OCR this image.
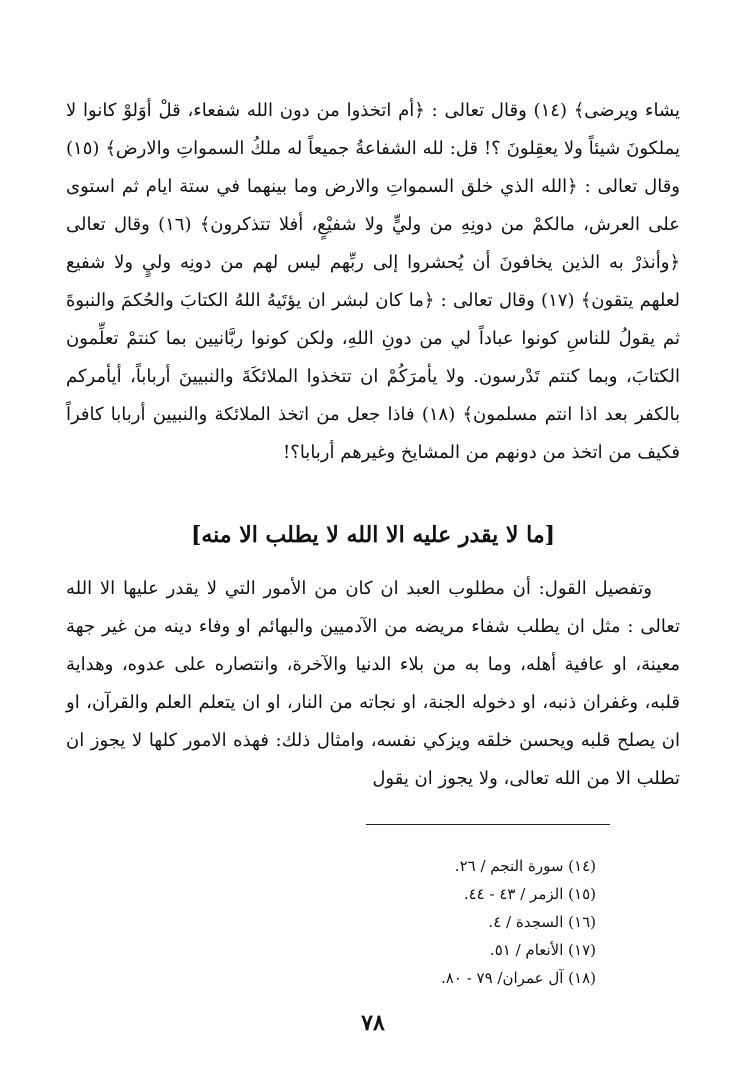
يشاء ويرضى﴾ (١٤) وقال تعالى : ﴿أم اتخذوا من دون الله شفعاء، قلْ أوَلوْ كانوا لا يملكونَ شيئاً ولا يعقِلونَ ؟! قل: لله الشفاعةُ جميعاً له ملكُ السمواتِ والارض﴾ (١٥) وقال تعالى : ﴿الله الذي خلق السمواتِ والارض وما بينهما في ستة ايام ثم استوى على العرش، مالكمْ من دونِهِ من وليٍّ ولا شفيْعٍ، أفلا تتذكرون﴾ (١٦) وقال تعالى ﴿وأنذرْ به الذين يخافونَ أن يُحشروا إلى ربِّهم ليس لهم من دونِه وليٍ ولا شفيع لعلهم يتقون﴾ (١٧) وقال تعالى : ﴿ما كان لبشر ان يؤتَيهُ اللهُ الكتابَ والحُكمَ والنبوةَ ثم يقولُ للناسِ كونوا عباداً لي من دونِ اللهِ، ولكن كونوا ربَّانيين بما كنتمْ تعلِّمون الكتابَ، وبما كنتم تَدْرسون. ولا يأمرَكُمْ ان تتخذوا الملائكَةَ والنبيينَ أرباباً، أيأمركم بالكفر بعد اذا انتم مسلمون﴾ (١٨) فاذا جعل من اتخذ الملائكة والنبيين أربابا كافراً فكيف من اتخذ من دونهم من المشايخ وغيرهم أربابا؟!

[ما لا يقدر عليه الا الله لا يطلب الا منه]

وتفصيل القول: أن مطلوب العبد ان كان من الأمور التي لا يقدر عليها الا الله تعالى : مثل ان يطلب شفاء مريضه من الآدميين والبهائم او وفاء دينه من غير جهة معينة، او عافية أهله، وما به من بلاء الدنيا والآخرة، وانتصاره على عدوه، وهداية قلبه، وغفران ذنبه، او دخوله الجنة، او نجاته من النار، او ان يتعلم العلم والقرآن، او ان يصلح قلبه ويحسن خلقه ويزكي نفسه، وامثال ذلك: فهذه الامور كلها لا يجوز ان تطلب الا من الله تعالى، ولا يجوز ان يقول

(١٤) سورة النجم / ٢٦.
(١٥) الزمر / ٤٣ - ٤٤.
(١٦) السجدة / ٤.
(١٧) الأنعام / ٥١.
(١٨) آل عمران/ ٧٩ - ٨٠.
٧٨
